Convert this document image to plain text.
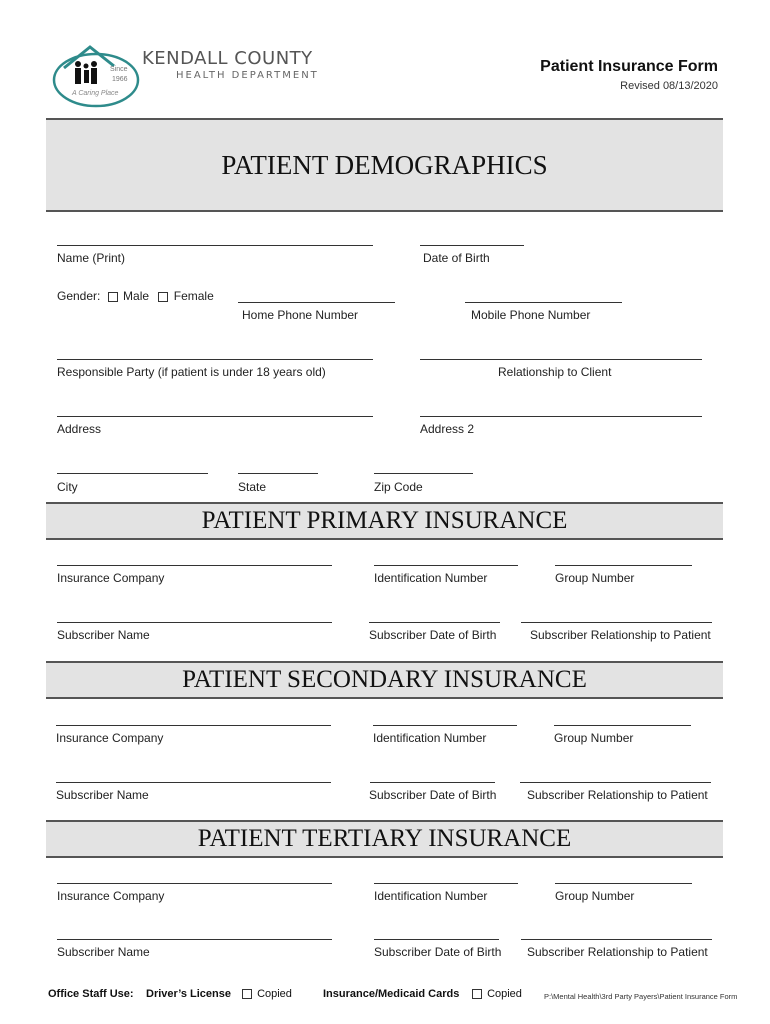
Since
1966
A Caring Place
KENDALL COUNTY
HEALTH DEPARTMENT
Patient Insurance Form
Revised 08/13/2020
PATIENT DEMOGRAPHICS
Name (Print)	Date of Birth
Gender: Male Female
Home Phone Number	Mobile Phone Number
Responsible Party (if patient is under 18 years old)	Relationship to Client
Address	Address 2
City	State	Zip Code
PATIENT PRIMARY INSURANCE
Insurance Company	Identification Number	Group Number
Subscriber Name	Subscriber Date of Birth	Subscriber Relationship to Patient
PATIENT SECONDARY INSURANCE
Insurance Company	Identification Number	Group Number
Subscriber Name	Subscriber Date of Birth	Subscriber Relationship to Patient
PATIENT TERTIARY INSURANCE
Insurance Company	Identification Number	Group Number
Subscriber Name	Subscriber Date of Birth Subscriber Relationship to Patient
Office Staff Use: Driver’s License	Copied	Insurance/Medicaid Cards	Copied	P:\Mental Health\3rd Party Payers\Patient Insurance Form
